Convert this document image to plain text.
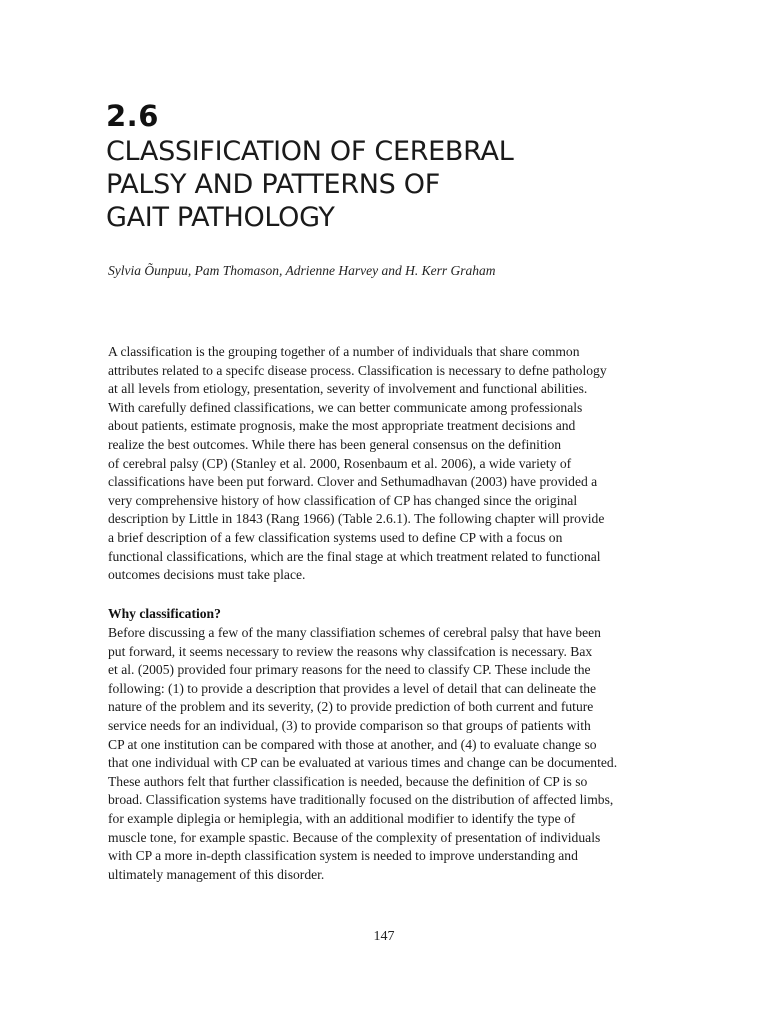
2.6
CLASSIFICATION OF CEREBRAL
PALSY AND PATTERNS OF
GAIT PATHOLOGY
Sylvia Õunpuu, Pam Thomason, Adrienne Harvey and H. Kerr Graham
A classification is the grouping together of a number of individuals that share common
attributes related to a specifc disease process. Classification is necessary to defne pathology
at all levels from etiology, presentation, severity of involvement and functional abilities.
With carefully defined classifications, we can better communicate among professionals
about patients, estimate prognosis, make the most appropriate treatment decisions and
realize the best outcomes. While there has been general consensus on the definition
of cerebral palsy (CP) (Stanley et al. 2000, Rosenbaum et al. 2006), a wide variety of
classifications have been put forward. Clover and Sethumadhavan (2003) have provided a
very comprehensive history of how classification of CP has changed since the original
description by Little in 1843 (Rang 1966) (Table 2.6.1). The following chapter will provide
a brief description of a few classification systems used to define CP with a focus on
functional classifications, which are the final stage at which treatment related to functional
outcomes decisions must take place.
Why classification?
Before discussing a few of the many classifiation schemes of cerebral palsy that have been
put forward, it seems necessary to review the reasons why classifcation is necessary. Bax
et al. (2005) provided four primary reasons for the need to classify CP. These include the
following: (1) to provide a description that provides a level of detail that can delineate the
nature of the problem and its severity, (2) to provide prediction of both current and future
service needs for an individual, (3) to provide comparison so that groups of patients with
CP at one institution can be compared with those at another, and (4) to evaluate change so
that one individual with CP can be evaluated at various times and change can be documented.
These authors felt that further classification is needed, because the definition of CP is so
broad. Classification systems have traditionally focused on the distribution of affected limbs,
for example diplegia or hemiplegia, with an additional modifier to identify the type of
muscle tone, for example spastic. Because of the complexity of presentation of individuals
with CP a more in-depth classification system is needed to improve understanding and
ultimately management of this disorder.
147
